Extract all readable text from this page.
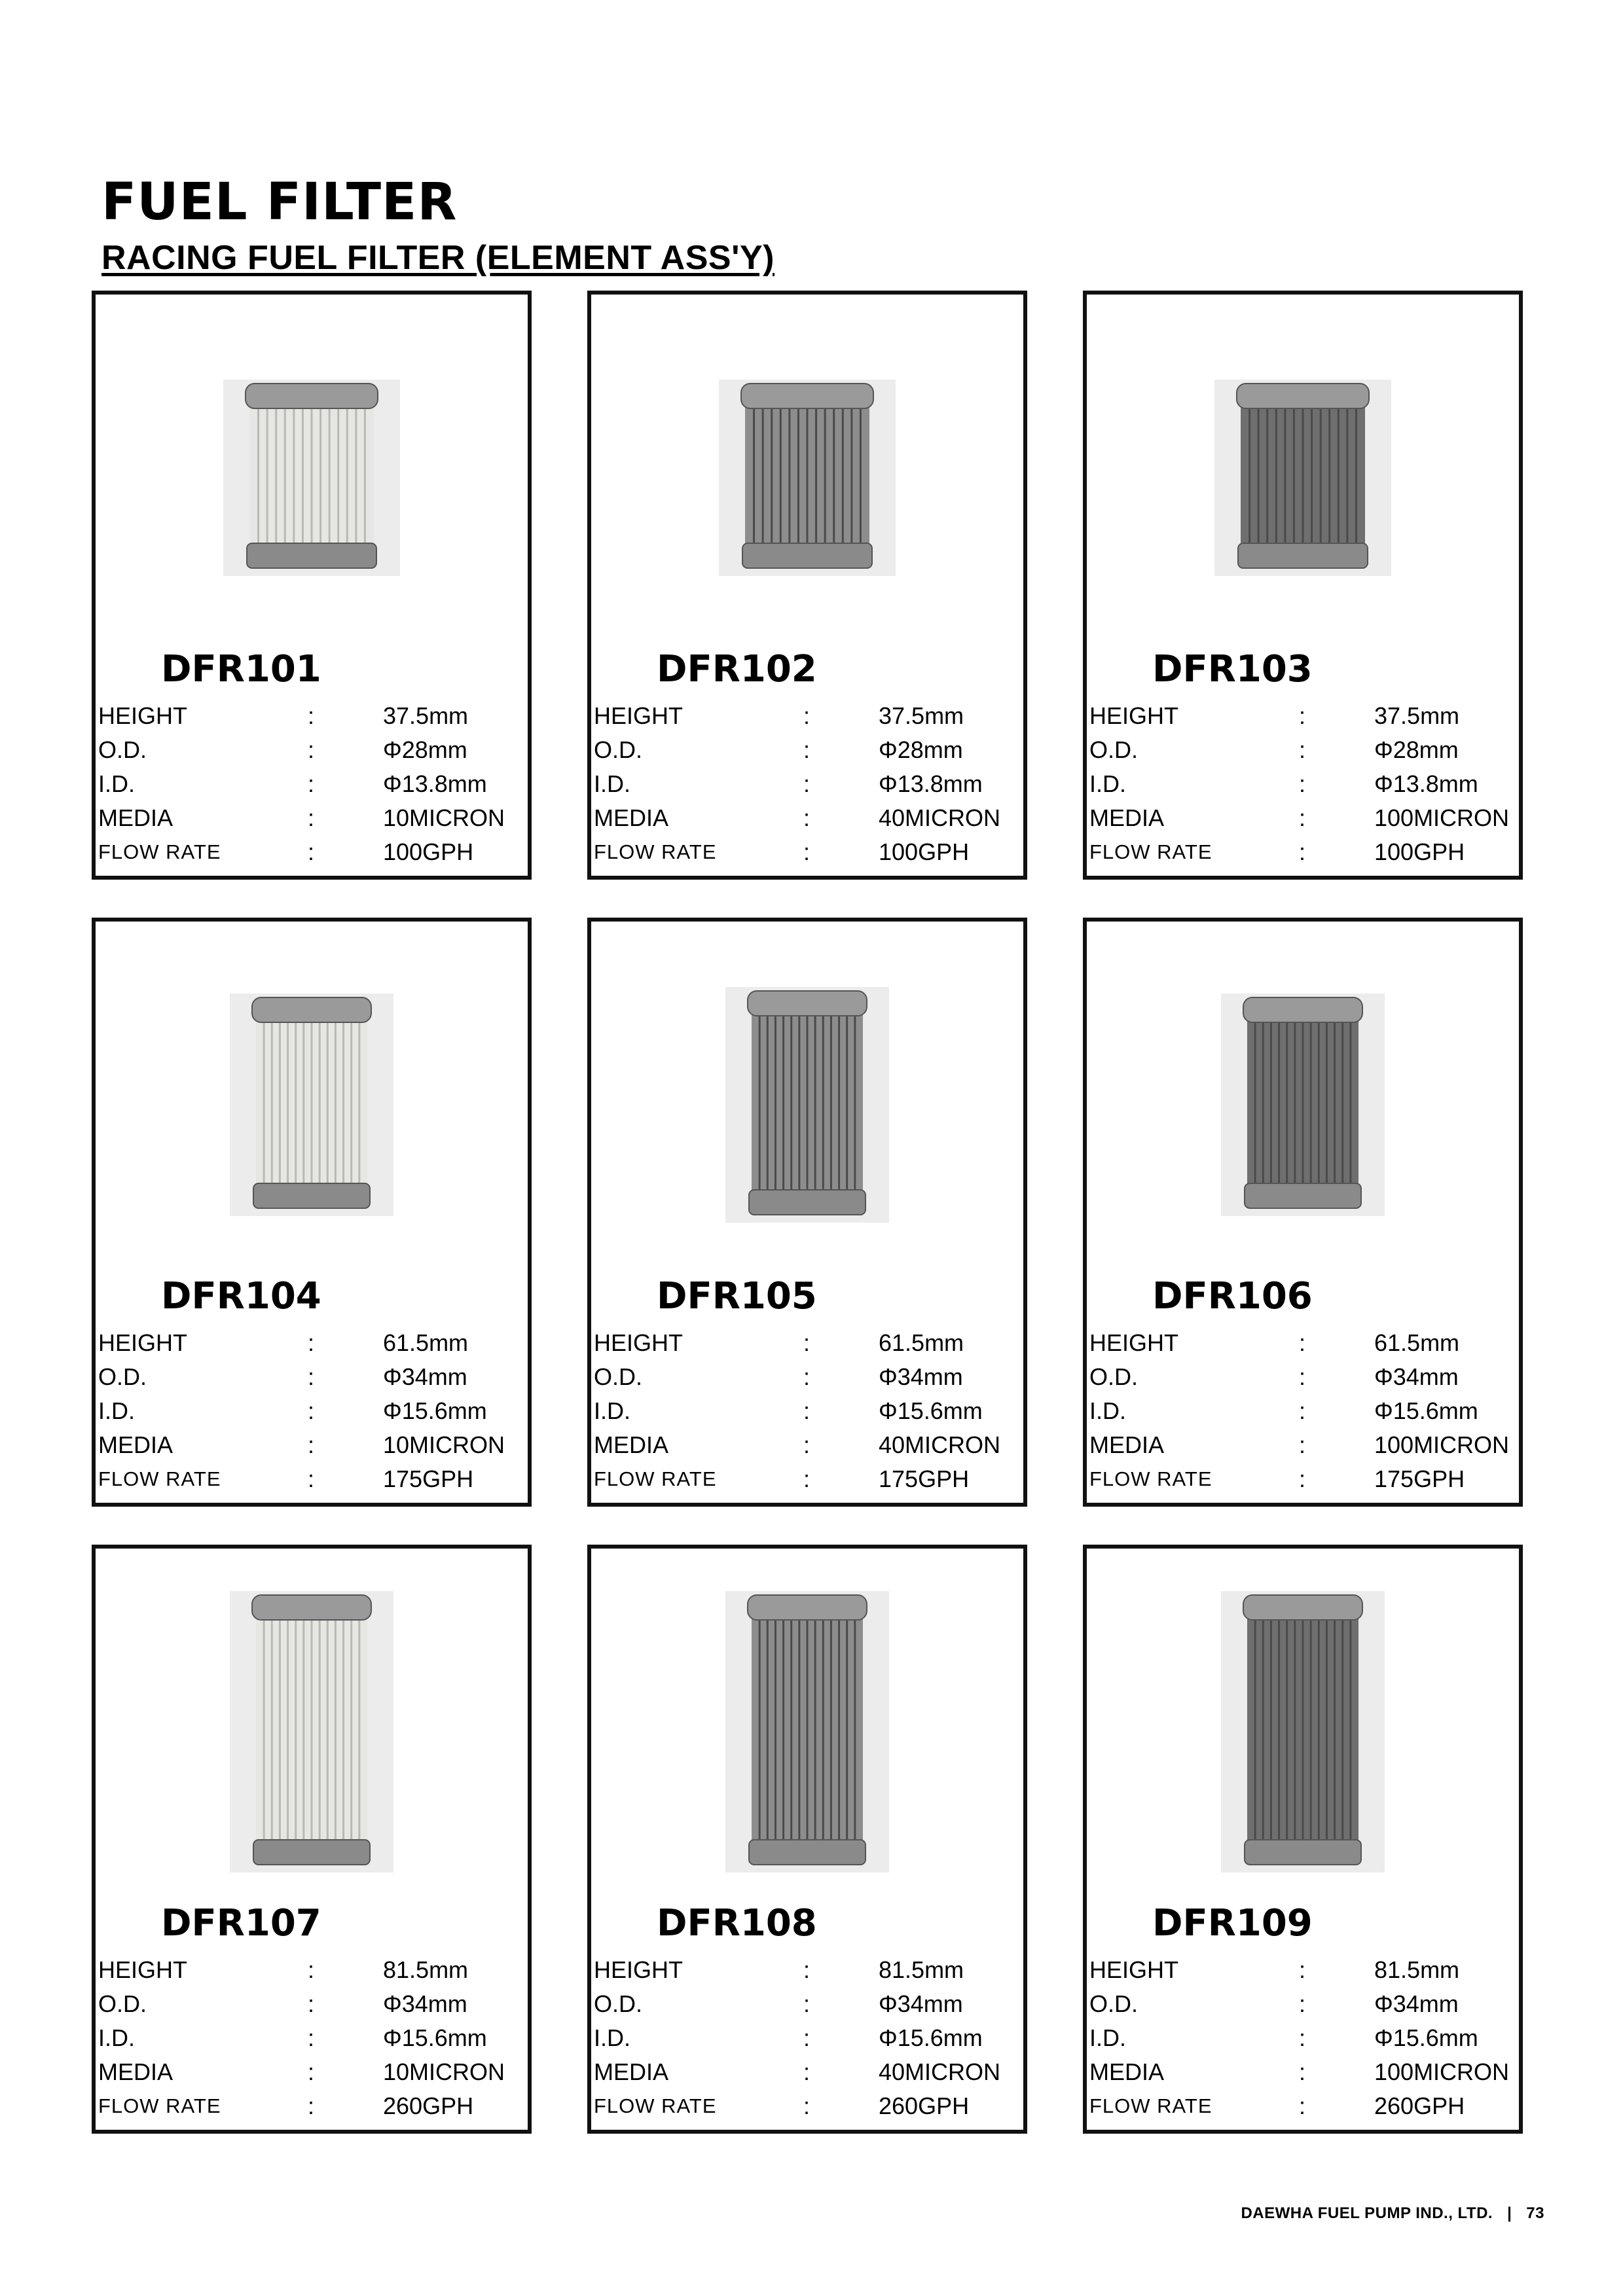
FUEL FILTER
RACING FUEL FILTER (ELEMENT ASS'Y)
DFR101
HEIGHT	:	37.5mm
O.D.	:	Φ28mm
I.D.	:	Φ13.8mm
MEDIA	:	10MICRON
FLOW RATE	:	100GPH
DFR102
HEIGHT	:	37.5mm
O.D.	:	Φ28mm
I.D.	:	Φ13.8mm
MEDIA	:	40MICRON
FLOW RATE	:	100GPH
DFR103
HEIGHT	:	37.5mm
O.D.	:	Φ28mm
I.D.	:	Φ13.8mm
MEDIA	:	100MICRON
FLOW RATE	:	100GPH
DFR104
HEIGHT	:	61.5mm
O.D.	:	Φ34mm
I.D.	:	Φ15.6mm
MEDIA	:	10MICRON
FLOW RATE	:	175GPH
DFR105
HEIGHT	:	61.5mm
O.D.	:	Φ34mm
I.D.	:	Φ15.6mm
MEDIA	:	40MICRON
FLOW RATE	:	175GPH
DFR106
HEIGHT	:	61.5mm
O.D.	:	Φ34mm
I.D.	:	Φ15.6mm
MEDIA	:	100MICRON
FLOW RATE	:	175GPH
DFR107
HEIGHT	:	81.5mm
O.D.	:	Φ34mm
I.D.	:	Φ15.6mm
MEDIA	:	10MICRON
FLOW RATE	:	260GPH
DFR108
HEIGHT	:	81.5mm
O.D.	:	Φ34mm
I.D.	:	Φ15.6mm
MEDIA	:	40MICRON
FLOW RATE	:	260GPH
DFR109
HEIGHT	:	81.5mm
O.D.	:	Φ34mm
I.D.	:	Φ15.6mm
MEDIA	:	100MICRON
FLOW RATE	:	260GPH
DAEWHA FUEL PUMP IND., LTD. | 73
